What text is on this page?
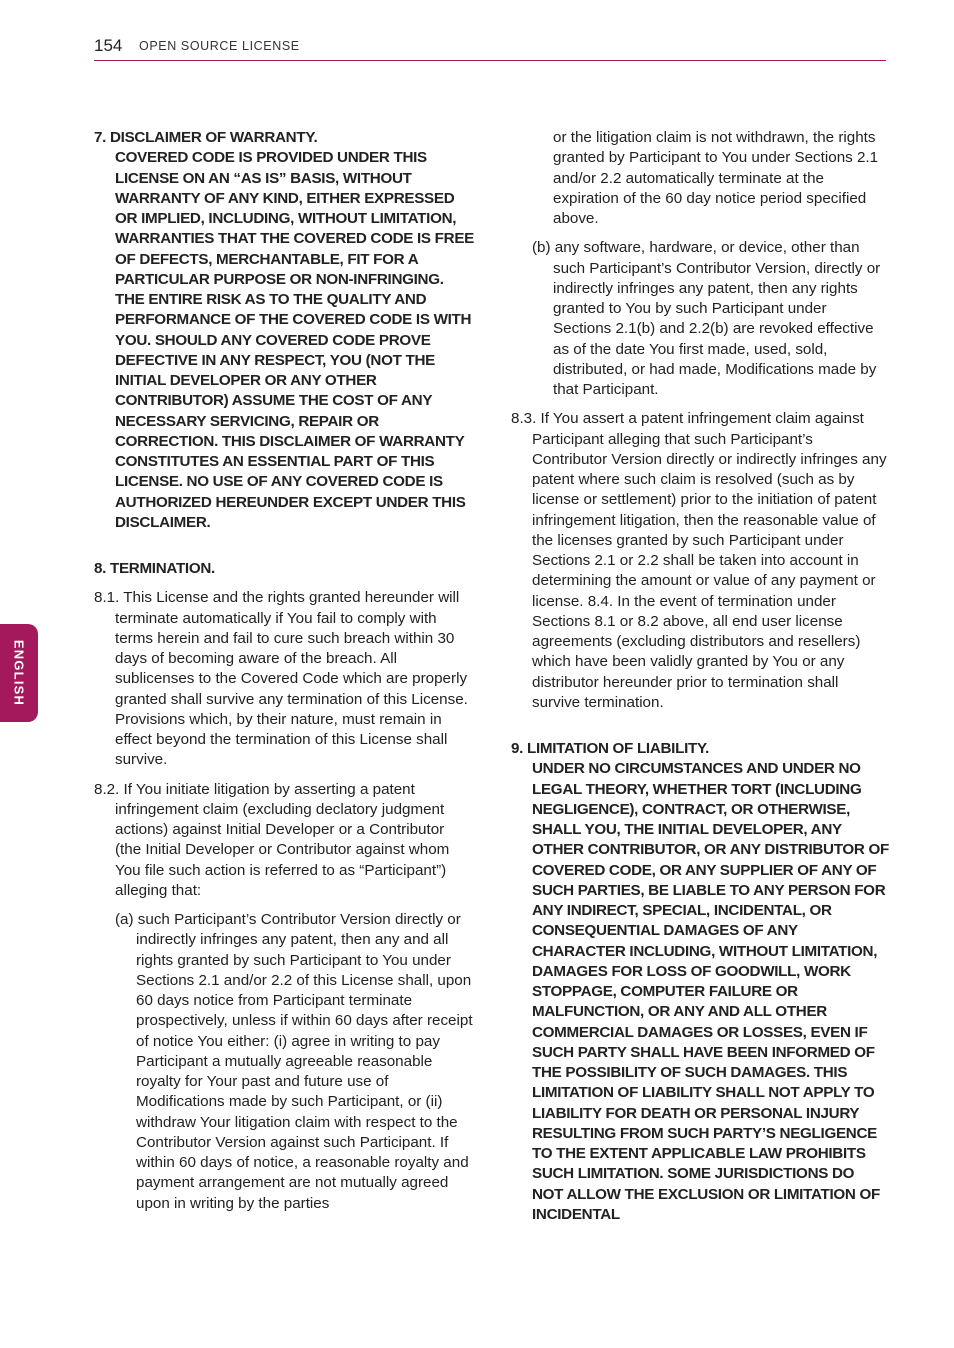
154 OPEN SOURCE LICENSE
ENGLISH

7. DISCLAIMER OF WARRANTY.

COVERED CODE IS PROVIDED UNDER THIS LICENSE ON AN “AS IS” BASIS, WITHOUT WARRANTY OF ANY KIND, EITHER EXPRESSED OR IMPLIED, INCLUDING, WITHOUT LIMITATION, WARRANTIES THAT THE COVERED CODE IS FREE OF DEFECTS, MERCHANTABLE, FIT FOR A PARTICULAR PURPOSE OR NON-INFRINGING. THE ENTIRE RISK AS TO THE QUALITY AND PERFORMANCE OF THE COVERED CODE IS WITH YOU. SHOULD ANY COVERED CODE PROVE DEFECTIVE IN ANY RESPECT, YOU (NOT THE INITIAL DEVELOPER OR ANY OTHER CONTRIBUTOR) ASSUME THE COST OF ANY NECESSARY SERVICING, REPAIR OR CORRECTION. THIS DISCLAIMER OF WARRANTY CONSTITUTES AN ESSENTIAL PART OF THIS LICENSE. NO USE OF ANY COVERED CODE IS AUTHORIZED HEREUNDER EXCEPT UNDER THIS DISCLAIMER.

8. TERMINATION.

8.1. This License and the rights granted hereunder will terminate automatically if You fail to comply with terms herein and fail to cure such breach within 30 days of becoming aware of the breach. All sublicenses to the Covered Code which are properly granted shall survive any termination of this License. Provisions which, by their nature, must remain in effect beyond the termination of this License shall survive.

8.2. If You initiate litigation by asserting a patent infringement claim (excluding declatory judgment actions) against Initial Developer or a Contributor (the Initial Developer or Contributor against whom You file such action is referred to as “Participant”) alleging that:

(a) such Participant’s Contributor Version directly or indirectly infringes any patent, then any and all rights granted by such Participant to You under Sections 2.1 and/or 2.2 of this License shall, upon 60 days notice from Participant terminate prospectively, unless if within 60 days after receipt of notice You either: (i) agree in writing to pay Participant a mutually agreeable reasonable royalty for Your past and future use of Modifications made by such Participant, or (ii) withdraw Your litigation claim with respect to the Contributor Version against such Participant. If within 60 days of notice, a reasonable royalty and payment arrangement are not mutually agreed upon in writing by the parties

or the litigation claim is not withdrawn, the rights granted by Participant to You under Sections 2.1 and/or 2.2 automatically terminate at the expiration of the 60 day notice period specified above.

(b) any software, hardware, or device, other than such Participant’s Contributor Version, directly or indirectly infringes any patent, then any rights granted to You by such Participant under Sections 2.1(b) and 2.2(b) are revoked effective as of the date You first made, used, sold, distributed, or had made, Modifications made by that Participant.

8.3. If You assert a patent infringement claim against Participant alleging that such Participant’s Contributor Version directly or indirectly infringes any patent where such claim is resolved (such as by license or settlement) prior to the initiation of patent infringement litigation, then the reasonable value of the licenses granted by such Participant under Sections 2.1 or 2.2 shall be taken into account in determining the amount or value of any payment or license. 8.4. In the event of termination under Sections 8.1 or 8.2 above, all end user license agreements (excluding distributors and resellers) which have been validly granted by You or any distributor hereunder prior to termination shall survive termination.

9. LIMITATION OF LIABILITY.

UNDER NO CIRCUMSTANCES AND UNDER NO LEGAL THEORY, WHETHER TORT (INCLUDING NEGLIGENCE), CONTRACT, OR OTHERWISE, SHALL YOU, THE INITIAL DEVELOPER, ANY OTHER CONTRIBUTOR, OR ANY DISTRIBUTOR OF COVERED CODE, OR ANY SUPPLIER OF ANY OF SUCH PARTIES, BE LIABLE TO ANY PERSON FOR ANY INDIRECT, SPECIAL, INCIDENTAL, OR CONSEQUENTIAL DAMAGES OF ANY CHARACTER INCLUDING, WITHOUT LIMITATION, DAMAGES FOR LOSS OF GOODWILL, WORK STOPPAGE, COMPUTER FAILURE OR MALFUNCTION, OR ANY AND ALL OTHER COMMERCIAL DAMAGES OR LOSSES, EVEN IF SUCH PARTY SHALL HAVE BEEN INFORMED OF THE POSSIBILITY OF SUCH DAMAGES. THIS LIMITATION OF LIABILITY SHALL NOT APPLY TO LIABILITY FOR DEATH OR PERSONAL INJURY RESULTING FROM SUCH PARTY’S NEGLIGENCE TO THE EXTENT APPLICABLE LAW PROHIBITS SUCH LIMITATION. SOME JURISDICTIONS DO NOT ALLOW THE EXCLUSION OR LIMITATION OF INCIDENTAL
